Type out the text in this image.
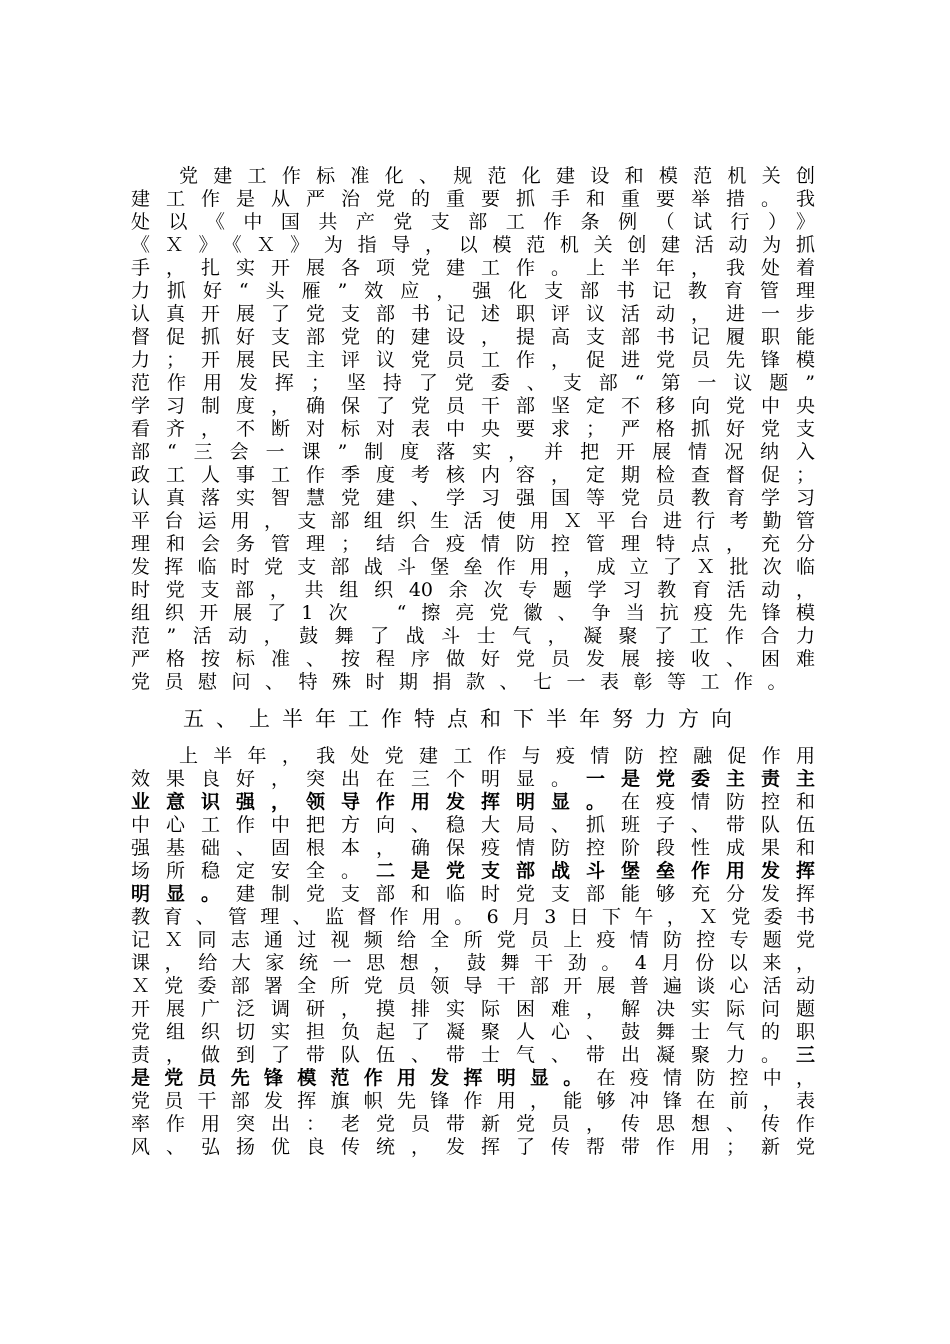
党建工作标准化、规范化建设和模范机关创
建工作是从严治党的重要抓手和重要举措。我
处以《中国共产党支部工作条例（试行）》
《Ｘ》《Ｘ》为指导，以模范机关创建活动为抓
手，扎实开展各项党建工作。上半年，我处着
力抓好“头雁”效应，强化支部书记教育管理
认真开展了党支部书记述职评议活动，进一步
督促抓好支部党的建设，提高支部书记履职能
力；开展民主评议党员工作，促进党员先锋模
范作用发挥；坚持了党委、支部“第一议题”
学习制度，确保了党员干部坚定不移向党中央
看齐，不断对标对表中央要求；严格抓好党支
部“三会一课”制度落实，并把开展情况纳入
政工人事工作季度考核内容，定期检查督促；
认真落实智慧党建、学习强国等党员教育学习
平台运用，支部组织生活使用Ｘ平台进行考勤管
理和会务管理；结合疫情防控管理特点，充分
发挥临时党支部战斗堡垒作用，成立了Ｘ批次临
时党支部，共组织40余次专题学习教育活动，
组织开展了1次　“擦亮党徽、争当抗疫先锋模
范”活动，鼓舞了战斗士气，凝聚了工作合力
严格按标准、按程序做好党员发展接收、困难
党员慰问、特殊时期捐款、七一表彰等工作。
五、上半年工作特点和下半年努力方向
上半年，我处党建工作与疫情防控融促作用
效果良好，突出在三个明显。一是党委主责主
业意识强，领导作用发挥明显。在疫情防控和
中心工作中把方向、稳大局、抓班子、带队伍
强基础、固根本，确保疫情防控阶段性成果和
场所稳定安全。二是党支部战斗堡垒作用发挥
明显。建制党支部和临时党支部能够充分发挥
教育、管理、监督作用。6月3日下午，Ｘ党委书
记Ｘ同志通过视频给全所党员上疫情防控专题党
课，给大家统一思想，鼓舞干劲。4月份以来，
Ｘ党委部署全所党员领导干部开展普遍谈心活动
开展广泛调研，摸排实际困难，解决实际问题
党组织切实担负起了凝聚人心、鼓舞士气的职
责，做到了带队伍、带士气、带出凝聚力。三
是党员先锋模范作用发挥明显。在疫情防控中，
党员干部发挥旗帜先锋作用，能够冲锋在前，表
率作用突出：老党员带新党员，传思想、传作
风、弘扬优良传统，发挥了传帮带作用；新党
